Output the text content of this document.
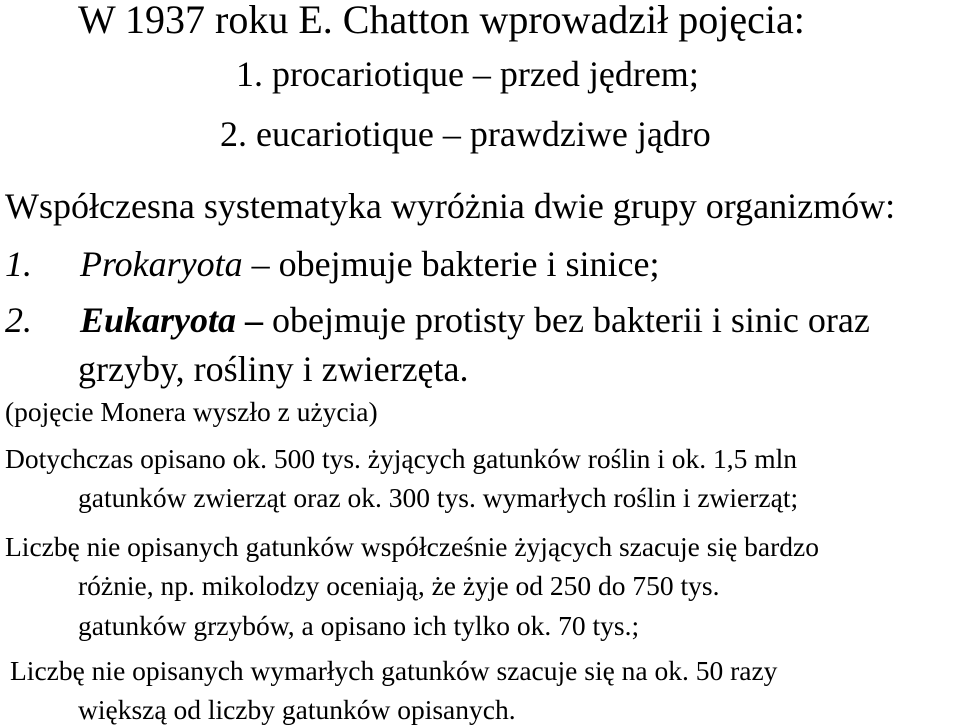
W 1937 roku E. Chatton wprowadził pojęcia:
1. procariotique – przed jędrem;
2. eucariotique – prawdziwe jądro
Współczesna systematyka wyróżnia dwie grupy organizmów:
1. Prokaryota – obejmuje bakterie i sinice;
2. Eukaryota – obejmuje protisty bez bakterii i sinic oraz
grzyby, rośliny i zwierzęta.
(pojęcie Monera wyszło z użycia)
Dotychczas opisano ok. 500 tys. żyjących gatunków roślin i ok. 1,5 mln
gatunków zwierząt oraz ok. 300 tys. wymarłych roślin i zwierząt;
Liczbę nie opisanych gatunków współcześnie żyjących szacuje się bardzo
różnie, np. mikolodzy oceniają, że żyje od 250 do 750 tys.
gatunków grzybów, a opisano ich tylko ok. 70 tys.;
Liczbę nie opisanych wymarłych gatunków szacuje się na ok. 50 razy
większą od liczby gatunków opisanych.
